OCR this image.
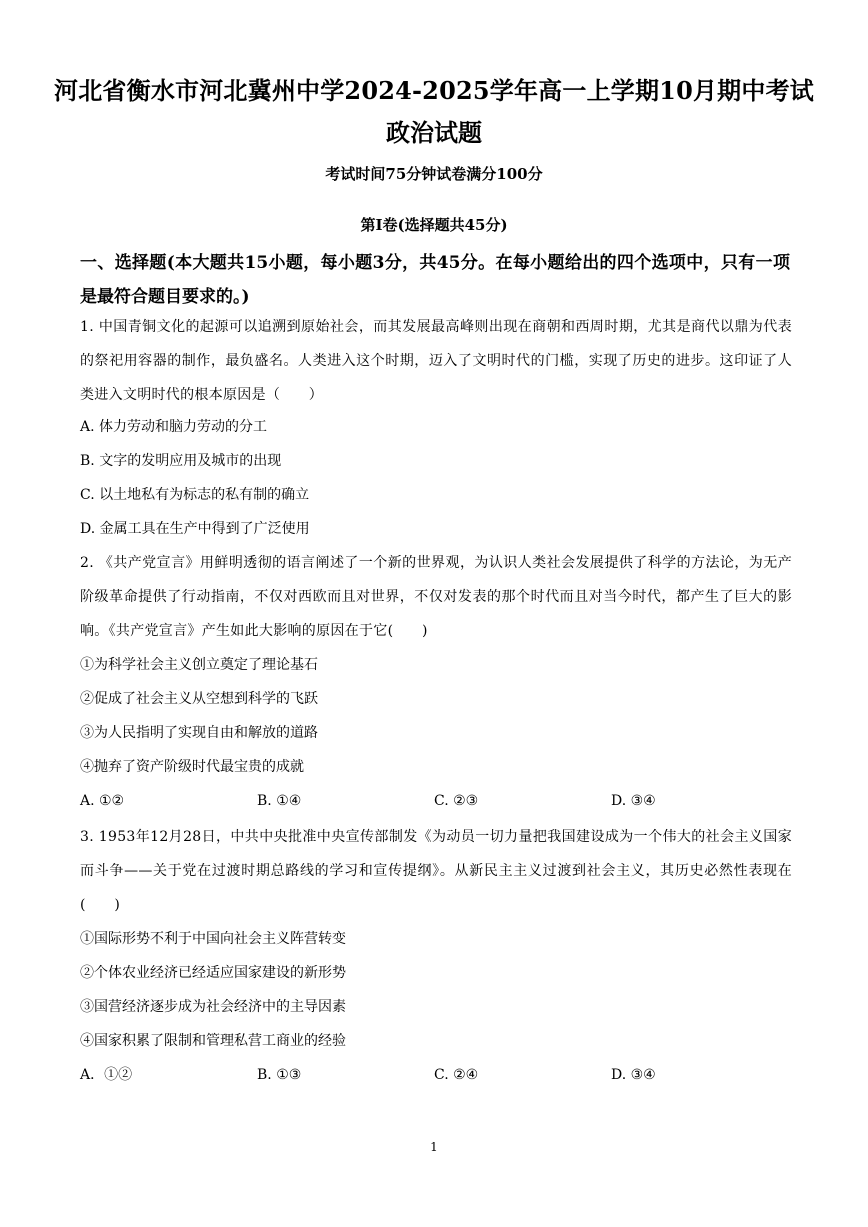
河北省衡水市河北冀州中学2024-2025学年高一上学期10月期中考试
政治试题
考试时间75分钟试卷满分100分
第Ⅰ卷(选择题共45分)
一、选择题(本大题共15小题，每小题3分，共45分。在每小题给出的四个选项中，只有一项是最符合题目要求的。)
1. 中国青铜文化的起源可以追溯到原始社会，而其发展最高峰则出现在商朝和西周时期，尤其是商代以鼎为代表的祭祀用容器的制作，最负盛名。人类进入这个时期，迈入了文明时代的门槛，实现了历史的进步。这印证了人类进入文明时代的根本原因是（　　）
A. 体力劳动和脑力劳动的分工
B. 文字的发明应用及城市的出现
C. 以土地私有为标志的私有制的确立
D. 金属工具在生产中得到了广泛使用
2. 《共产党宣言》用鲜明透彻的语言阐述了一个新的世界观，为认识人类社会发展提供了科学的方法论，为无产阶级革命提供了行动指南，不仅对西欧而且对世界，不仅对发表的那个时代而且对当今时代，都产生了巨大的影响。《共产党宣言》产生如此大影响的原因在于它(　　)
①为科学社会主义创立奠定了理论基石
②促成了社会主义从空想到科学的飞跃
③为人民指明了实现自由和解放的道路
④抛弃了资产阶级时代最宝贵的成就
A. ①②	B. ①④	C. ②③	D. ③④
3. 1953年12月28日，中共中央批准中央宣传部制发《为动员一切力量把我国建设成为一个伟大的社会主义国家而斗争——关于党在过渡时期总路线的学习和宣传提纲》。从新民主主义过渡到社会主义，其历史必然性表现在(　　)
①国际形势不利于中国向社会主义阵营转变
②个体农业经济已经适应国家建设的新形势
③国营经济逐步成为社会经济中的主导因素
④国家积累了限制和管理私营工商业的经验
A．①②	B. ①③	C. ②④	D. ③④
1
